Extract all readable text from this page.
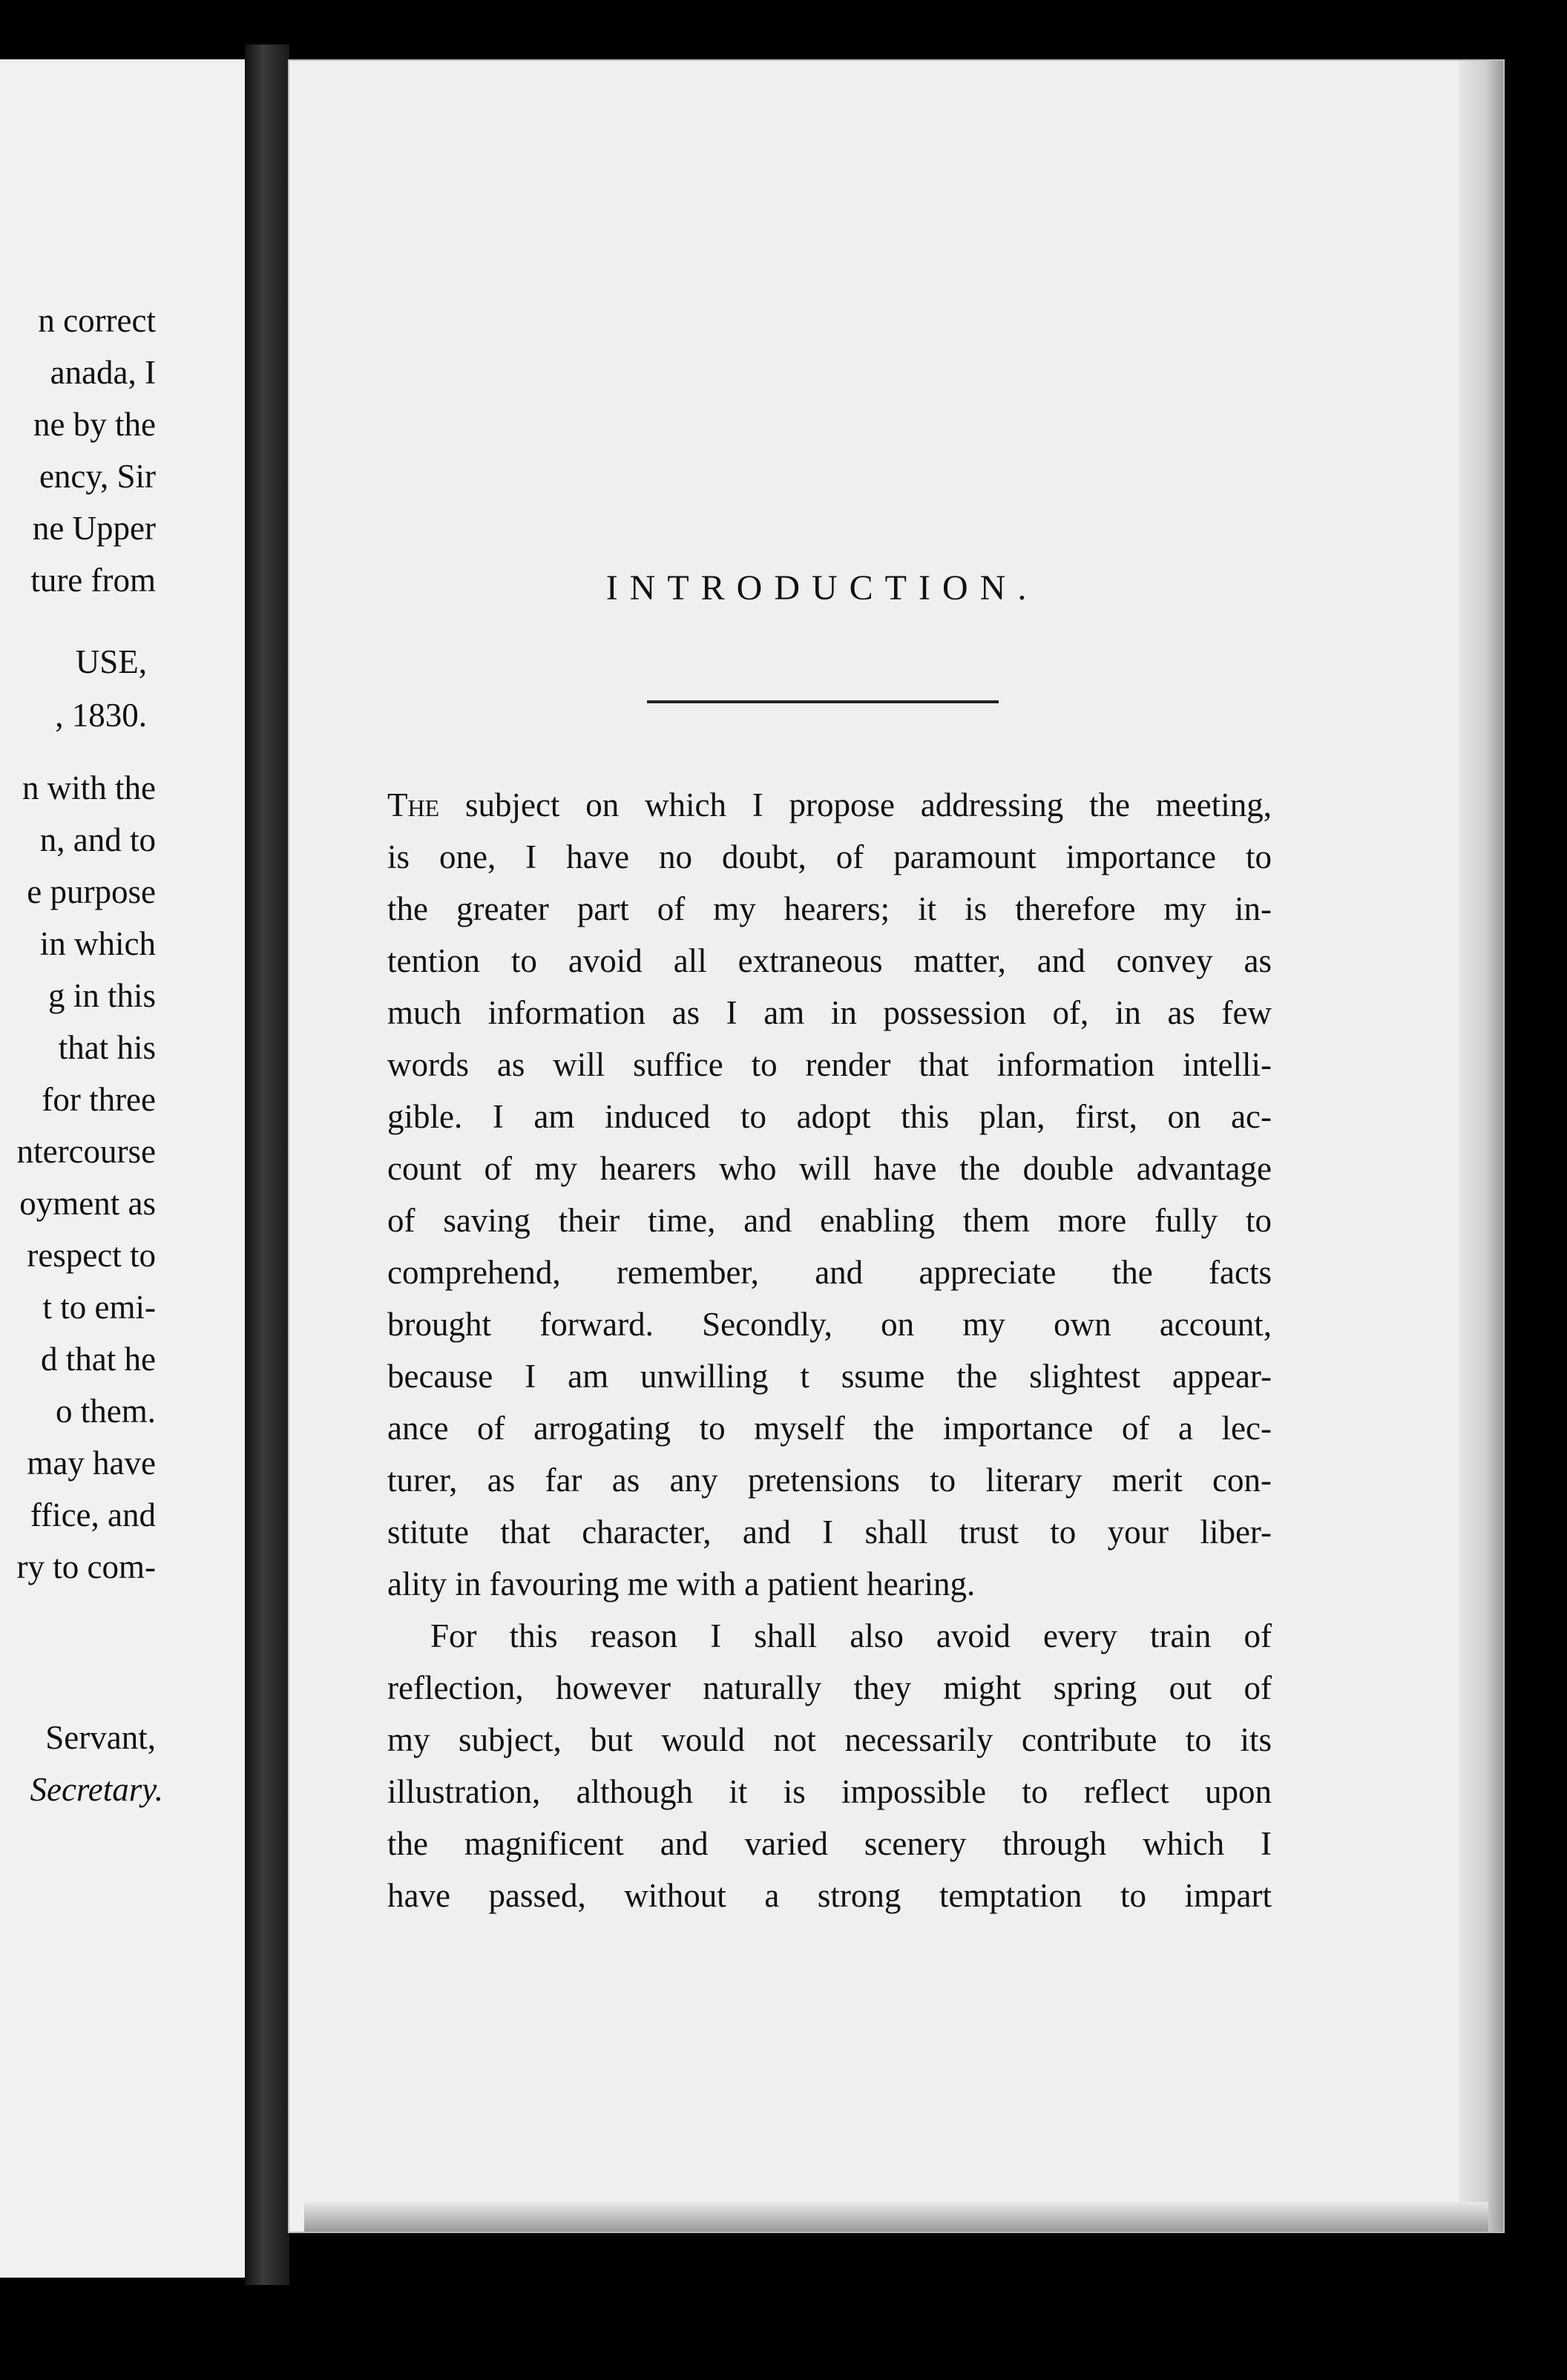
n correct
anada, I
ne by the
ency, Sir
ne Upper
ture from
USE,
, 1830.
n with the
n, and to
e purpose
in which
g in this
that his
for three
ntercourse
oyment as
respect to
t to emi-
d that he
o them.
may have
ffice, and
ry to com-
Servant,
Secretary.
INTRODUCTION.
The subject on which I propose addressing the meeting,
is one, I have no doubt, of paramount importance to
the greater part of my hearers; it is therefore my in-
tention to avoid all extraneous matter, and convey as
much information as I am in possession of, in as few
words as will suffice to render that information intelli-
gible. I am induced to adopt this plan, first, on ac-
count of my hearers who will have the double advantage
of saving their time, and enabling them more fully to
comprehend, remember, and appreciate the facts
brought forward. Secondly, on my own account,
because I am unwilling t ssume the slightest appear-
ance of arrogating to myself the importance of a lec-
turer, as far as any pretensions to literary merit con-
stitute that character, and I shall trust to your liber-
ality in favouring me with a patient hearing.
For this reason I shall also avoid every train of
reflection, however naturally they might spring out of
my subject, but would not necessarily contribute to its
illustration, although it is impossible to reflect upon
the magnificent and varied scenery through which I
have passed, without a strong temptation to impart
